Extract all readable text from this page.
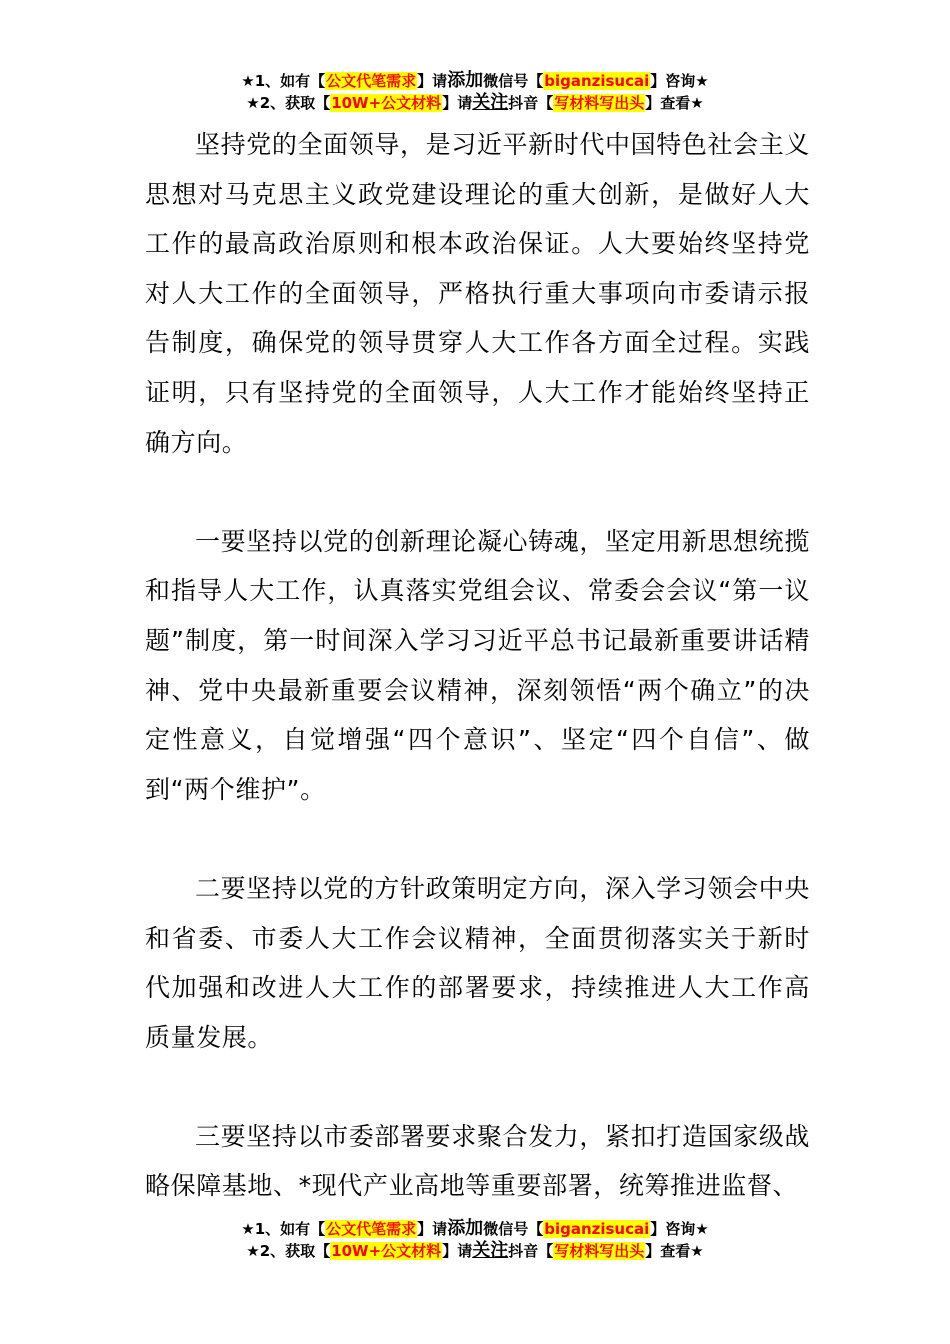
★1、如有【公文代笔需求】请添加微信号【biganzisucai】咨询★
★2、获取【10W+公文材料】请关注抖音【写材料写出头】查看★

坚持党的全面领导，是习近平新时代中国特色社会主义思想对马克思主义政党建设理论的重大创新，是做好人大工作的最高政治原则和根本政治保证。人大要始终坚持党对人大工作的全面领导，严格执行重大事项向市委请示报告制度，确保党的领导贯穿人大工作各方面全过程。实践证明，只有坚持党的全面领导，人大工作才能始终坚持正确方向。

一要坚持以党的创新理论凝心铸魂，坚定用新思想统揽和指导人大工作，认真落实党组会议、常委会会议“第一议题”制度，第一时间深入学习习近平总书记最新重要讲话精神、党中央最新重要会议精神，深刻领悟“两个确立”的决定性意义，自觉增强“四个意识”、坚定“四个自信”、做到“两个维护”。

二要坚持以党的方针政策明定方向，深入学习领会中央和省委、市委人大工作会议精神，全面贯彻落实关于新时代加强和改进人大工作的部署要求，持续推进人大工作高质量发展。

三要坚持以市委部署要求聚合发力，紧扣打造国家级战略保障基地、*现代产业高地等重要部署，统筹推进监督、

★1、如有【公文代笔需求】请添加微信号【biganzisucai】咨询★
★2、获取【10W+公文材料】请关注抖音【写材料写出头】查看★
